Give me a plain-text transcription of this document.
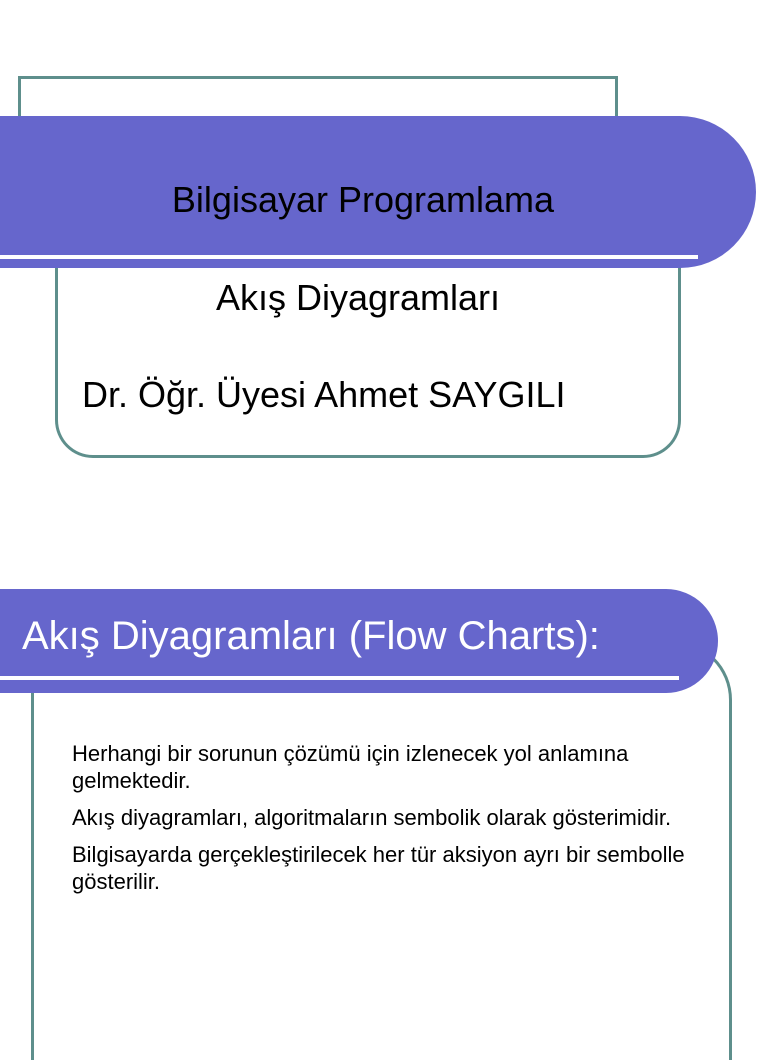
Bilgisayar Programlama
Akış Diyagramları
Dr. Öğr. Üyesi Ahmet SAYGILI
Akış Diyagramları (Flow Charts):

Herhangi bir sorunun çözümü için izlenecek yol anlamına gelmektedir.

Akış diyagramları, algoritmaların sembolik olarak gösterimidir.

Bilgisayarda gerçekleştirilecek her tür aksiyon ayrı bir sembolle gösterilir.
